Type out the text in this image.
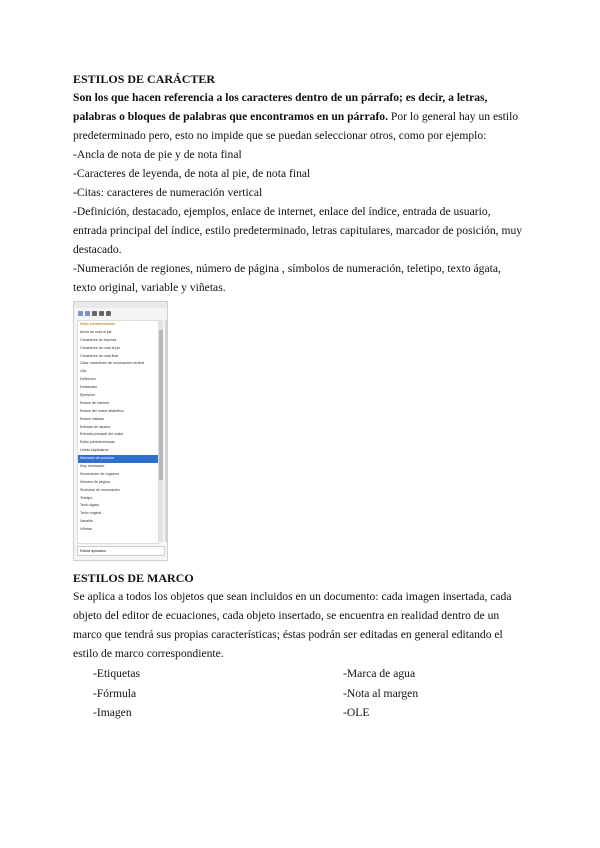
ESTILOS DE CARÁCTER

Son los que hacen referencia a los caracteres dentro de un párrafo; es decir, a letras, palabras o bloques de palabras que encontramos en un párrafo. Por lo general hay un estilo predeterminado pero, esto no impide que se puedan seleccionar otros, como por ejemplo:

-Ancla de nota de pie y de nota final

-Caracteres de leyenda, de nota al pie, de nota final

-Citas: caracteres de numeración vertical

-Definición, destacado, ejemplos, enlace de internet, enlace del índice, entrada de usuario, entrada principal del índice, estilo predeterminado, letras capitulares, marcador de posición, muy destacado.

-Numeración de regiones, número de página , símbolos de numeración, teletipo, texto ágata, texto original, variable y viñetas.

Estilo predeterminado
Ancla de nota al pie
Caracteres de leyenda
Caracteres de nota al pie
Caracteres de nota final
Citas: caracteres de numeración vertical
Cita
Definición
Destacado
Ejemplos
Enlace de internet
Enlace del índice alfabético
Enlace visitado
Entrada de usuario
Entrada principal del índice
Estilo predeterminado
Letras capitulares
Marcador de posición
Muy destacado
Numeración de regiones
Número de página
Símbolos de numeración
Teletipo
Texto ágata
Texto original
Variable
Viñetas
Estilos aplicados
ESTILOS DE MARCO

Se aplica a todos los objetos que sean incluidos en un documento: cada imagen insertada, cada objeto del editor de ecuaciones, cada objeto insertado, se encuentra en realidad dentro de un marco que tendrá sus propias características; éstas podrán ser editadas en general editando el estilo de marco correspondiente.

-Etiquetas
-Fórmula
-Imagen
-Marca de agua
-Nota al margen
-OLE
